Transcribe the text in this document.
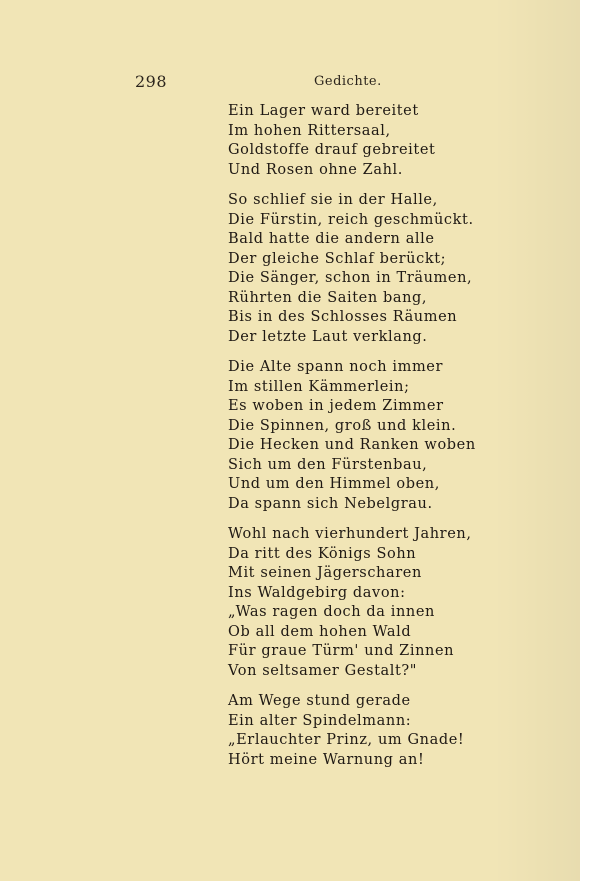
298	Gedichte.
Ein Lager ward bereitet
Im hohen Rittersaal,
Goldstoffe drauf gebreitet
Und Rosen ohne Zahl.
So schlief sie in der Halle,
Die Fürstin, reich geschmückt.
Bald hatte die andern alle
Der gleiche Schlaf berückt;
Die Sänger, schon in Träumen,
Rührten die Saiten bang,
Bis in des Schlosses Räumen
Der letzte Laut verklang.
Die Alte spann noch immer
Im stillen Kämmerlein;
Es woben in jedem Zimmer
Die Spinnen, groß und klein.
Die Hecken und Ranken woben
Sich um den Fürstenbau,
Und um den Himmel oben,
Da spann sich Nebelgrau.
Wohl nach vierhundert Jahren,
Da ritt des Königs Sohn
Mit seinen Jägerscharen
Ins Waldgebirg davon:
„Was ragen doch da innen
Ob all dem hohen Wald
Für graue Türm' und Zinnen
Von seltsamer Gestalt?"
Am Wege stund gerade
Ein alter Spindelmann:
„Erlauchter Prinz, um Gnade!
Hört meine Warnung an!
